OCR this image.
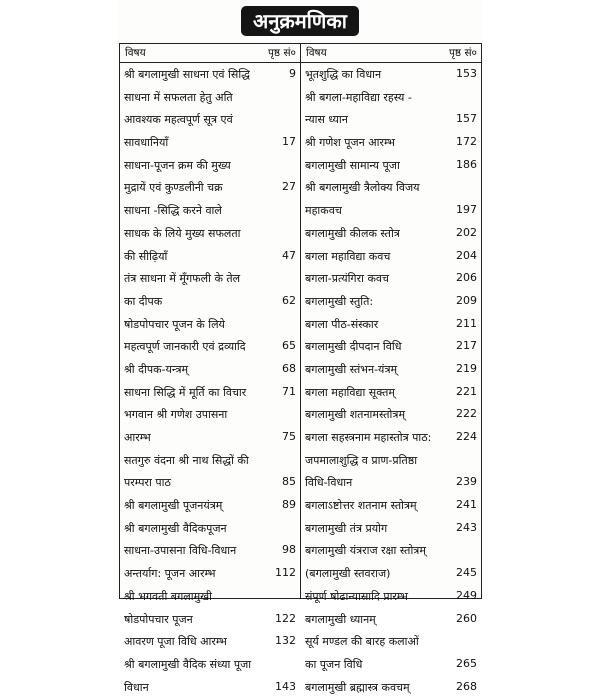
अनुक्रमणिका
विषय	पृष्ठ सं० विषय	पृष्ठ सं०
श्री बगलामुखी साधना एवं सिद्धि	9
साधना में सफलता हेतु अति
आवश्यक महत्वपूर्ण सूत्र एवं
सावधानियाँ	17
साधना-पूजन क्रम की मुख्य
मुद्रायें एवं कुण्डलीनी चक्र	27
साधना -सिद्धि करने वाले
साधक के लिये मुख्य सफलता
की सीढ़ियाँ	47
तंत्र साधना में मूँगफली के तेल
का दीपक	62
षोडपोपचार पूजन के लिये
महत्वपूर्ण जानकारी एवं द्रव्यादि	65
श्री दीपक-यन्त्रम्	68
साधना सिद्धि में मूर्ति का विचार	71
भगवान श्री गणेश उपासना
आरम्भ	75
सतगुरु वंदना श्री नाथ सिद्धों की
परम्परा पाठ	85
श्री बगलामुखी पूजनयंत्रम्	89
श्री बगलामुखी वैदिकपूजन
साधना-उपासना विधि-विधान	98
अन्तर्याग: पूजन आरम्भ	112
श्री भगवती बगलामुखी
षोडपोपचार पूजन	122
आवरण पूजा विधि आरम्भ	132
श्री बगलामुखी वैदिक संध्या पूजा
विधान	143
भूतशुद्धि का विधान	153
श्री बगला-महाविद्या रहस्य -
न्यास ध्यान	157
श्री गणेश पूजन आरम्भ	172
बगलामुखी सामान्य पूजा	186
श्री बगलामुखी त्रैलोक्य विजय
महाकवच	197
बगलामुखी कीलक स्तोत्र	202
बगला महाविद्या कवच	204
बगला-प्रत्यंगिरा कवच	206
बगलामुखी स्तुति:	209
बगला पीठ-संस्कार	211
बगलामुखी दीपदान विधि	217
बगलामुखी स्तंभन-यंत्रम्	219
बगला महाविद्या सूक्तम्	221
बगलामुखी शतनामस्तोत्रम्	222
बगला सहस्त्रनाम महास्तोत्र पाठ:	224
जपमालाशुद्धि व प्राण-प्रतिष्ठा
विधि-विधान	239
बगलाऽष्टोत्तर शतनाम स्तोत्रम्	241
बगलामुखी तंत्र प्रयोग	243
बगलामुखी यंत्रराज रक्षा स्तोत्रम्
(बगलामुखी स्तवराज)	245
संपूर्ण षोढान्यासादि प्रारम्भ	249
बगलामुखी ध्यानम्	260
सूर्य मण्डल की बारह कलाओं
का पूजन विधि	265
बगलामुखी ब्रह्मास्त्र कवचम्	268
